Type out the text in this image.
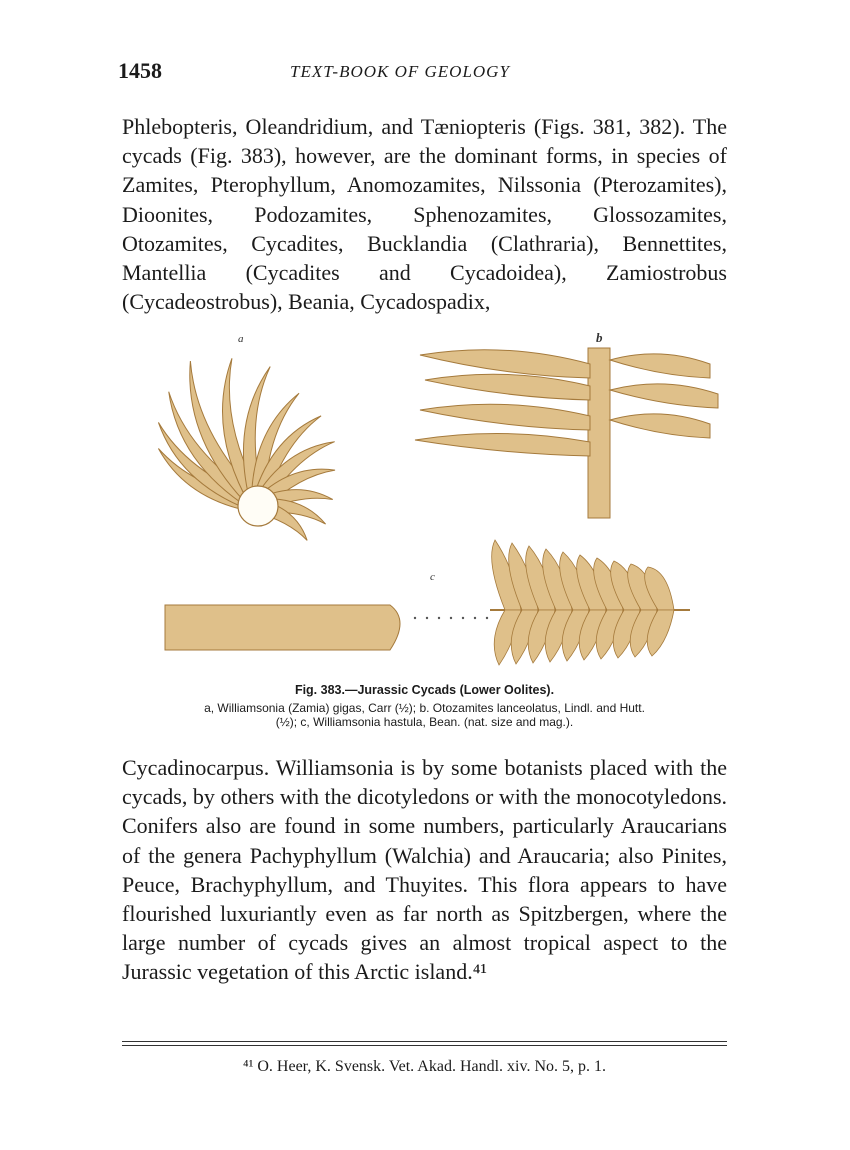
1458	TEXT-BOOK OF GEOLOGY

Phlebopteris, Oleandridium, and Tæniopteris (Figs. 381, 382). The cycads (Fig. 383), however, are the dominant forms, in species of Zamites, Pterophyllum, Anomozamites, Nilssonia (Pterozamites), Dioonites, Podozamites, Sphenozamites, Glossozamites, Otozamites, Cycadites, Bucklandia (Clathraria), Bennettites, Mantellia (Cycadites and Cycadoidea), Zamiostrobus (Cycadeostrobus), Beania, Cycadospadix,

a	b
c
Fig. 383.—Jurassic Cycads (Lower Oolites).
a, Williamsonia (Zamia) gigas, Carr (½); b. Otozamites lanceolatus, Lindl. and Hutt.
(½); c, Williamsonia hastula, Bean. (nat. size and mag.).

Cycadinocarpus. Williamsonia is by some botanists placed with the cycads, by others with the dicotyledons or with the monocotyledons. Conifers also are found in some numbers, particularly Araucarians of the genera Pachyphyllum (Walchia) and Araucaria; also Pinites, Peuce, Brachyphyllum, and Thuyites. This flora appears to have flourished luxuriantly even as far north as Spitzbergen, where the large number of cycads gives an almost tropical aspect to the Jurassic vegetation of this Arctic island.⁴¹

⁴¹ O. Heer, K. Svensk. Vet. Akad. Handl. xiv. No. 5, p. 1.
